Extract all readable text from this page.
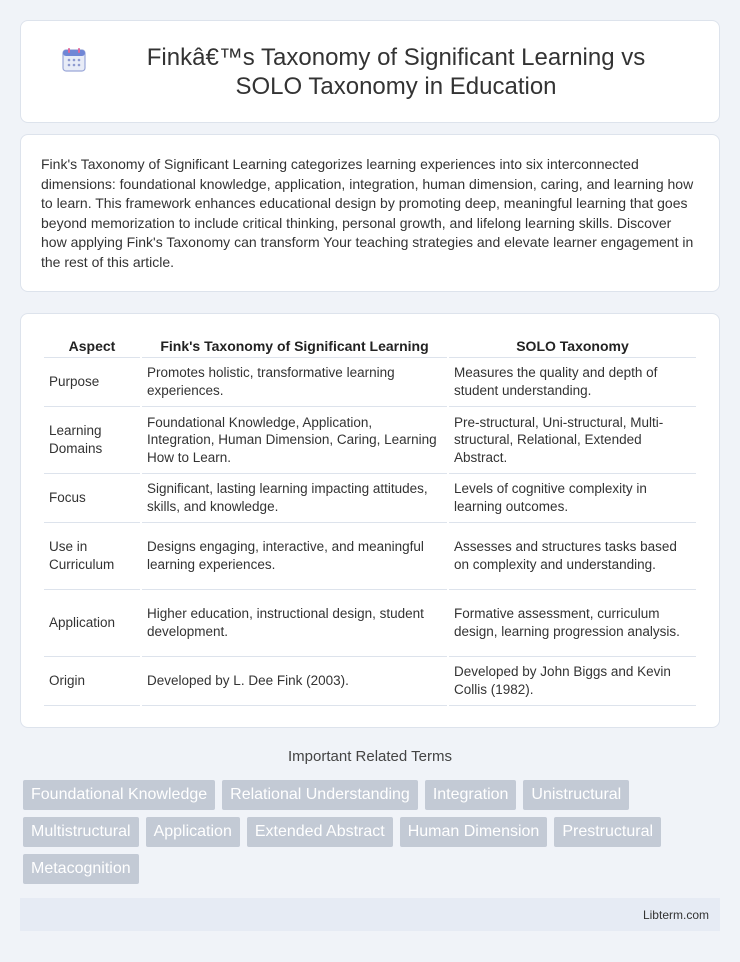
Finkâ€™s Taxonomy of Significant Learning vs SOLO Taxonomy in Education

Fink's Taxonomy of Significant Learning categorizes learning experiences into six interconnected dimensions: foundational knowledge, application, integration, human dimension, caring, and learning how to learn. This framework enhances educational design by promoting deep, meaningful learning that goes beyond memorization to include critical thinking, personal growth, and lifelong learning skills. Discover how applying Fink's Taxonomy can transform Your teaching strategies and elevate learner engagement in the rest of this article.

Aspect	Fink's Taxonomy of Significant Learning	SOLO Taxonomy
Purpose	Promotes holistic, transformative learning experiences.	Measures the quality and depth of student understanding.
Learning Domains	Foundational Knowledge, Application, Integration, Human Dimension, Caring, Learning How to Learn.	Pre-structural, Uni-structural, Multi-structural, Relational, Extended Abstract.
Focus	Significant, lasting learning impacting attitudes, skills, and knowledge.	Levels of cognitive complexity in learning outcomes.
Use in Curriculum	Designs engaging, interactive, and meaningful learning experiences.	Assesses and structures tasks based on complexity and understanding.
Application	Higher education, instructional design, student development.	Formative assessment, curriculum design, learning progression analysis.
Origin	Developed by L. Dee Fink (2003).	Developed by John Biggs and Kevin Collis (1982).
Important Related Terms
Foundational Knowledge	Relational Understanding	Integration	Unistructural
Multistructural	Application	Extended Abstract	Human Dimension	Prestructural
Metacognition
Libterm.com
